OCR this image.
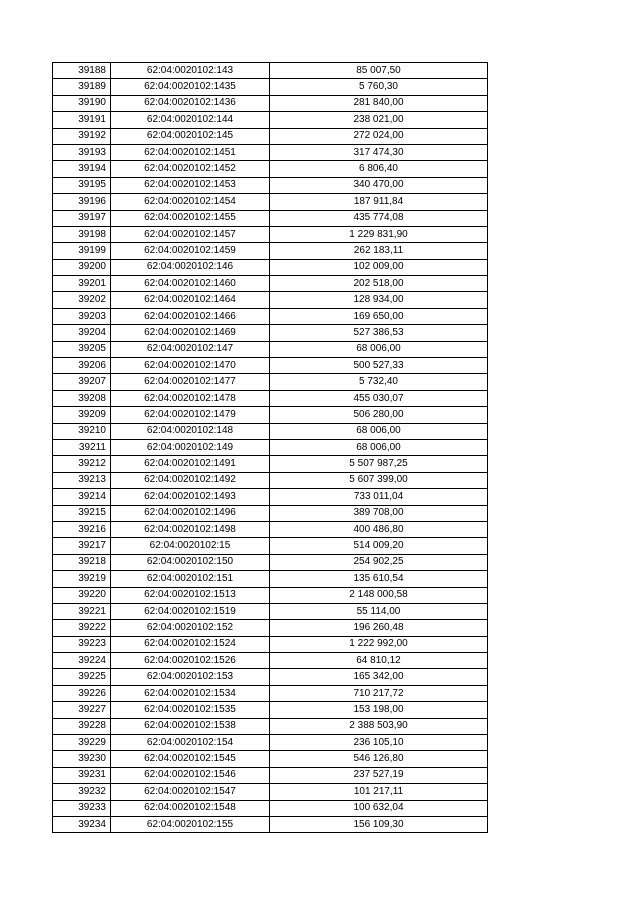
39188	62:04:0020102:143	85 007,50
39189	62:04:0020102:1435	5 760,30
39190	62:04:0020102:1436	281 840,00
39191	62:04:0020102:144	238 021,00
39192	62:04:0020102:145	272 024,00
39193	62:04:0020102:1451	317 474,30
39194	62:04:0020102:1452	6 806,40
39195	62:04:0020102:1453	340 470,00
39196	62:04:0020102:1454	187 911,84
39197	62:04:0020102:1455	435 774,08
39198	62:04:0020102:1457	1 229 831,90
39199	62:04:0020102:1459	262 183,11
39200	62:04:0020102:146	102 009,00
39201	62:04:0020102:1460	202 518,00
39202	62:04:0020102:1464	128 934,00
39203	62:04:0020102:1466	169 650,00
39204	62:04:0020102:1469	527 386,53
39205	62:04:0020102:147	68 006,00
39206	62:04:0020102:1470	500 527,33
39207	62:04:0020102:1477	5 732,40
39208	62:04:0020102:1478	455 030,07
39209	62:04:0020102:1479	506 280,00
39210	62:04:0020102:148	68 006,00
39211	62:04:0020102:149	68 006,00
39212	62:04:0020102:1491	5 507 987,25
39213	62:04:0020102:1492	5 607 399,00
39214	62:04:0020102:1493	733 011,04
39215	62:04:0020102:1496	389 708,00
39216	62:04:0020102:1498	400 486,80
39217	62:04:0020102:15	514 009,20
39218	62:04:0020102:150	254 902,25
39219	62:04:0020102:151	135 610,54
39220	62:04:0020102:1513	2 148 000,58
39221	62:04:0020102:1519	55 114,00
39222	62:04:0020102:152	196 260,48
39223	62:04:0020102:1524	1 222 992,00
39224	62:04:0020102:1526	64 810,12
39225	62:04:0020102:153	165 342,00
39226	62:04:0020102:1534	710 217,72
39227	62:04:0020102:1535	153 198,00
39228	62:04:0020102:1538	2 388 503,90
39229	62:04:0020102:154	236 105,10
39230	62:04:0020102:1545	546 126,80
39231	62:04:0020102:1546	237 527,19
39232	62:04:0020102:1547	101 217,11
39233	62:04:0020102:1548	100 632,04
39234	62:04:0020102:155	156 109,30
